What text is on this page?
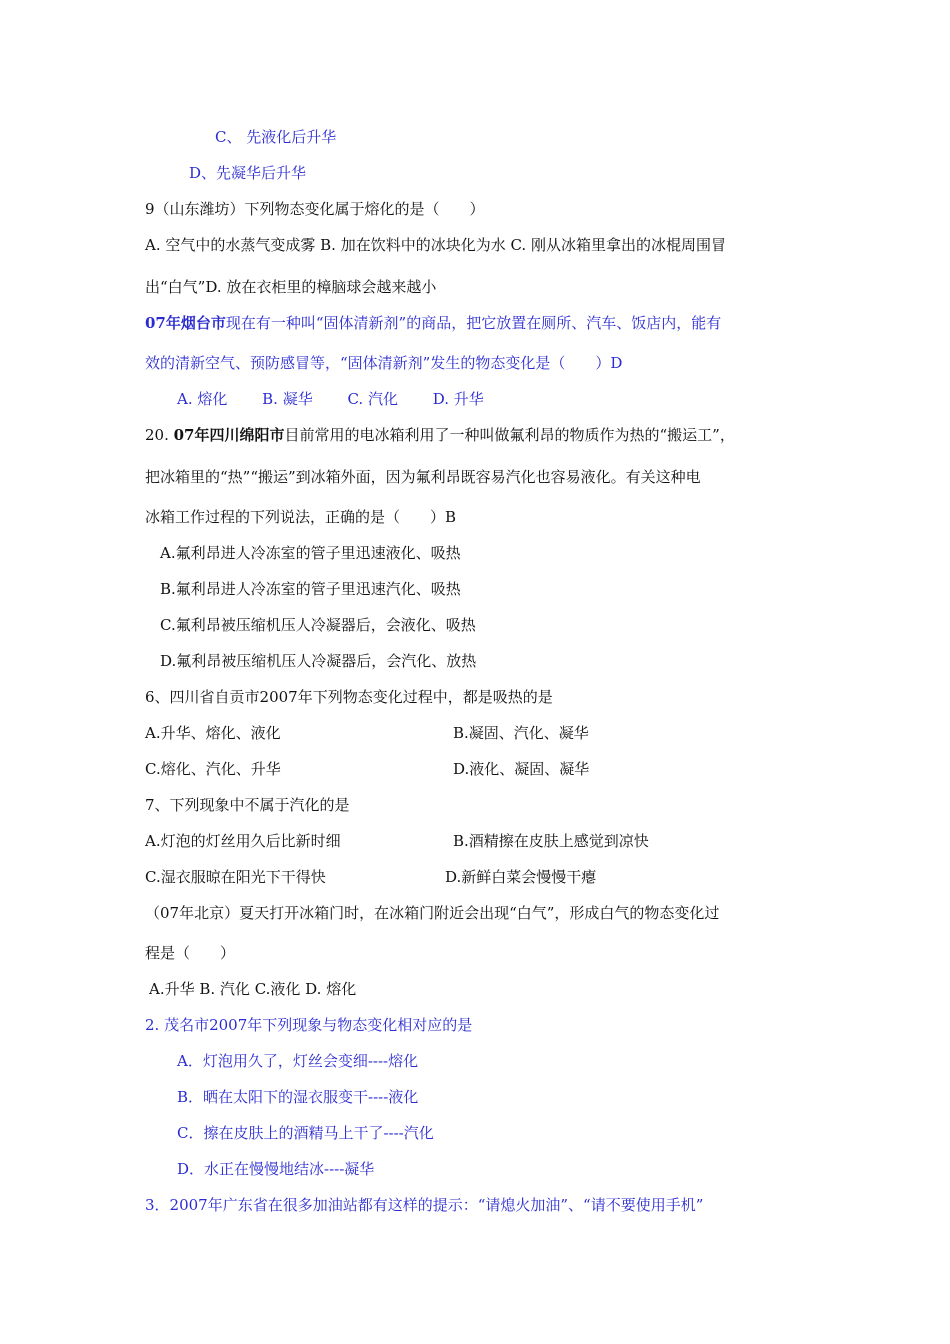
C、 先液化后升华
D、先凝华后升华
9（山东潍坊）下列物态变化属于熔化的是（　　）
A. 空气中的水蒸气变成雾 B. 加在饮料中的冰块化为水 C. 刚从冰箱里拿出的冰棍周围冒
出“白气”D. 放在衣柜里的樟脑球会越来越小
07年烟台市现在有一种叫“固体清新剂”的商品，把它放置在厕所、汽车、饭店内，能有
效的清新空气、预防感冒等，“固体清新剂”发生的物态变化是（　　）D
A. 熔化　　 B. 凝华　　 C. 汽化　　 D. 升华
20. 07年四川绵阳市目前常用的电冰箱利用了一种叫做氟利昂的物质作为热的“搬运工”，
把冰箱里的“热”“搬运”到冰箱外面，因为氟利昂既容易汽化也容易液化。有关这种电
冰箱工作过程的下列说法，正确的是（　　）B
A.氟利昂进人冷冻室的管子里迅速液化、吸热
B.氟利昂进人冷冻室的管子里迅速汽化、吸热
C.氟利昂被压缩机压人冷凝器后，会液化、吸热
D.氟利昂被压缩机压人冷凝器后，会汽化、放热
6、四川省自贡市2007年下列物态变化过程中，都是吸热的是
A.升华、熔化、液化	B.凝固、汽化、凝华
C.熔化、汽化、升华	D.液化、凝固、凝华
7、下列现象中不属于汽化的是
A.灯泡的灯丝用久后比新时细	B.酒精擦在皮肤上感觉到凉快
C.湿衣服晾在阳光下干得快	D.新鲜白菜会慢慢干瘪
（07年北京）夏天打开冰箱门时，在冰箱门附近会出现“白气”，形成白气的物态变化过
程是（　　）
A.升华 B. 汽化 C.液化 D. 熔化
2. 茂名市2007年下列现象与物态变化相对应的是
A．灯泡用久了，灯丝会变细----熔化
B．晒在太阳下的湿衣服变干----液化
C．擦在皮肤上的酒精马上干了----汽化
D．水正在慢慢地结冰----凝华
3．2007年广东省在很多加油站都有这样的提示：“请熄火加油”、“请不要使用手机”
